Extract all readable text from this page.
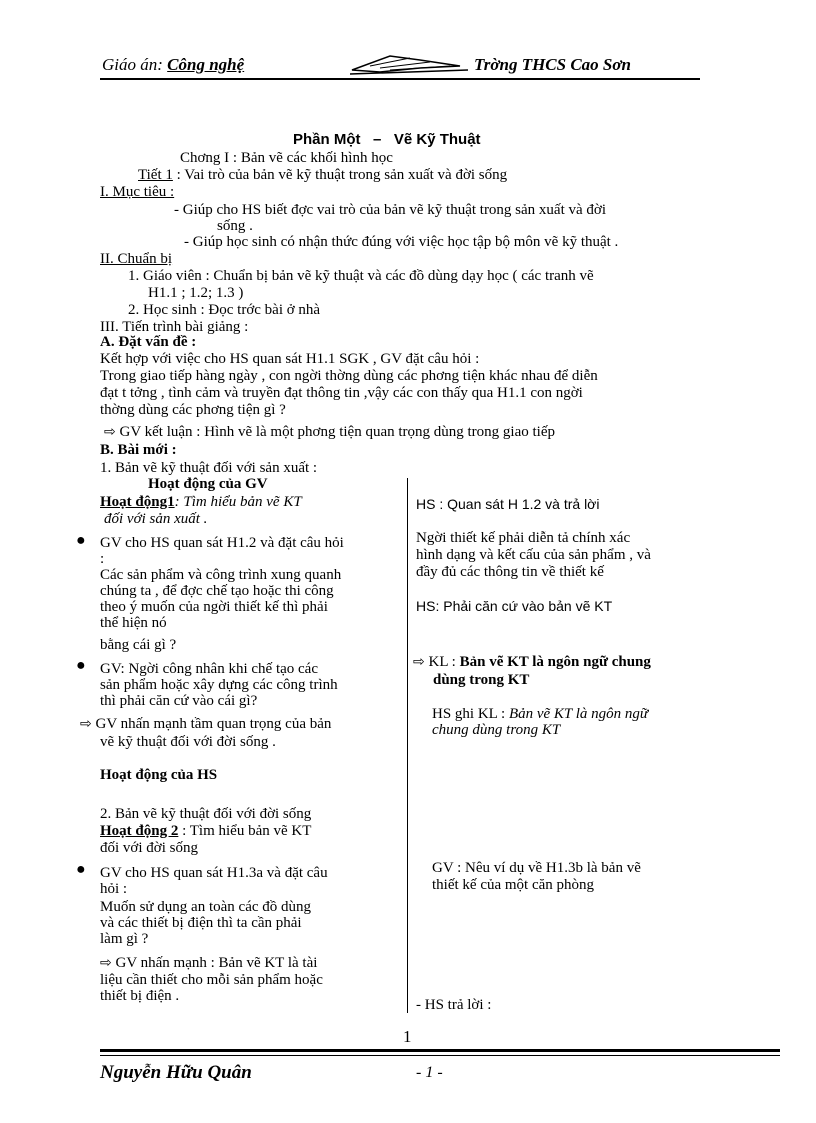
Giáo án: Công nghệ	Trờng THCS Cao Sơn
Phần Một – Vẽ Kỹ Thuật
Chơng I : Bản vẽ các khối hình học
Tiết 1 : Vai trò của bản vẽ kỹ thuật trong sản xuất và đời sống
I. Mục tiêu :
- Giúp cho HS biết đợc vai trò của bản vẽ kỹ thuật trong sản xuất và đời
sống .
- Giúp học sinh có nhận thức đúng với việc học tập bộ môn vẽ kỹ thuật .
II. Chuẩn bị
1. Giáo viên : Chuẩn bị bản vẽ kỹ thuật và các đồ dùng dạy học ( các tranh vẽ
H1.1 ; 1.2; 1.3 )
2. Học sinh : Đọc trớc bài ở nhà
III. Tiến trình bài giảng :
A. Đặt vấn đề :
Kết hợp với việc cho HS quan sát H1.1 SGK , GV đặt câu hỏi :
Trong giao tiếp hàng ngày , con ngời thờng dùng các phơng tiện khác nhau để diễn
đạt t tởng , tình cảm và truyền đạt thông tin ,vậy các con thấy qua H1.1 con ngời
thờng dùng các phơng tiện gì ?
⇨ GV kết luận : Hình vẽ là một phơng tiện quan trọng dùng trong giao tiếp
B. Bài mới :
1. Bản vẽ kỹ thuật đối với sản xuất :
Hoạt động của GV
Hoạt động1: Tìm hiểu bản vẽ KT
đối với sản xuất .
● GV cho HS quan sát H1.2 và đặt câu hỏi
:
Các sản phẩm và công trình xung quanh
chúng ta , để đợc chế tạo hoặc thi công
theo ý muốn của ngời thiết kế thì phải
thể hiện nó
bằng cái gì ?
● GV: Ngời công nhân khi chế tạo các
sản phẩm hoặc xây dựng các công trình
thì phải căn cứ vào cái gì?
⇨ GV nhấn mạnh tầm quan trọng của bản
vẽ kỹ thuật đối với đời sống .
Hoạt động của HS
HS : Quan sát H 1.2 và trả lời
Ngời thiết kế phải diễn tả chính xác
hình dạng và kết cấu của sản phẩm , và
đầy đủ các thông tin về thiết kế
HS: Phải căn cứ vào bản vẽ KT
⇨ KL : Bản vẽ KT là ngôn ngữ chung
dùng trong KT
HS ghi KL : Bản vẽ KT là ngôn ngữ
chung dùng trong KT
2. Bản vẽ kỹ thuật đối với đời sống
Hoạt động 2 : Tìm hiểu bản vẽ KT
đối với đời sống
● GV cho HS quan sát H1.3a và đặt câu
hỏi :
Muốn sử dụng an toàn các đồ dùng
và các thiết bị điện thì ta cần phải
làm gì ?
⇨ GV nhấn mạnh : Bản vẽ KT là tài
liệu cần thiết cho mỗi sản phẩm hoặc
thiết bị điện .
GV : Nêu ví dụ về H1.3b là bản vẽ
thiết kế của một căn phòng
- HS trả lời :
1
Nguyễn Hữu Quân	- 1 -
